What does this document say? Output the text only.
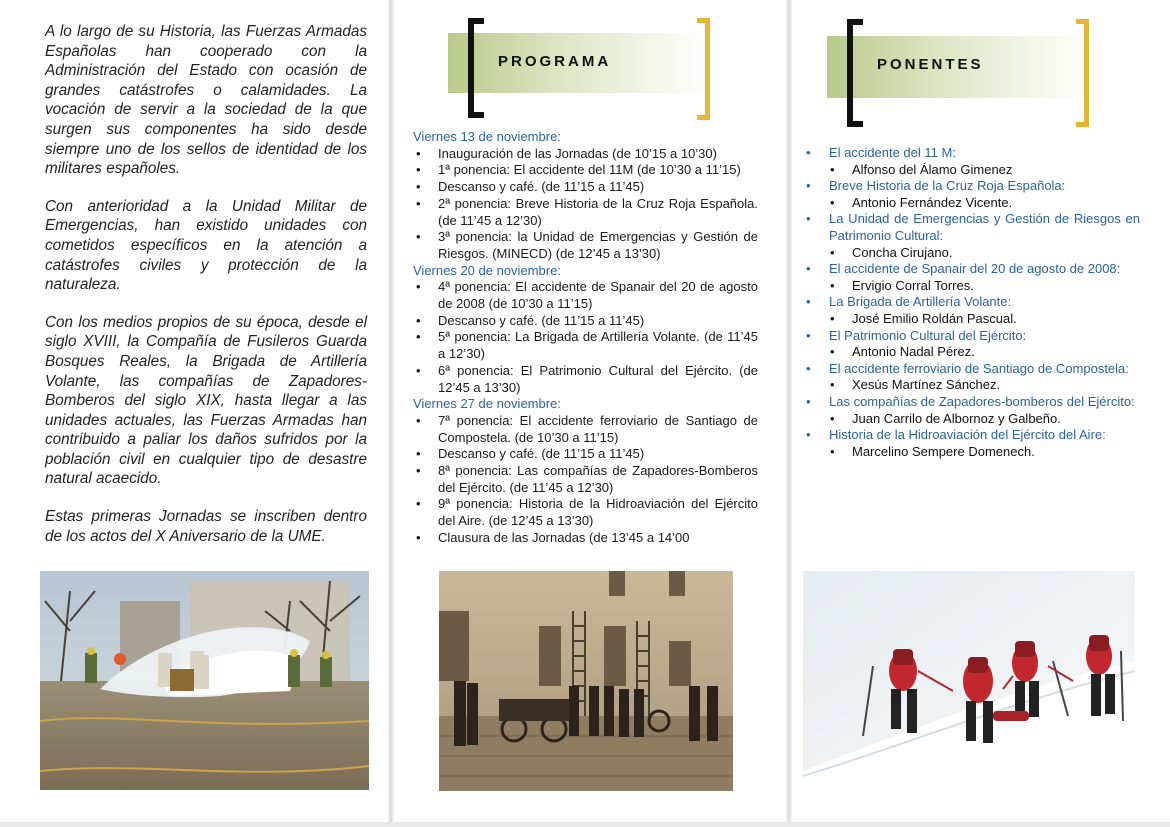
A lo largo de su Historia, las Fuerzas Armadas Españolas han cooperado con la Administración del Estado con ocasión de grandes catástrofes o calamidades. La vocación de servir a la sociedad de la que surgen sus componentes ha sido desde siempre uno de los sellos de identidad de los militares españoles.

Con anterioridad a la Unidad Militar de Emergencias, han existido unidades con cometidos específicos en la atención a catástrofes civiles y protección de la naturaleza.

Con los medios propios de su época, desde el siglo XVIII, la Compañía de Fusileros Guarda Bosques Reales, la Brigada de Artillería Volante, las compañías de Zapadores-Bomberos del siglo XIX, hasta llegar a las unidades actuales, las Fuerzas Armadas han contribuido a paliar los daños sufridos por la población civil en cualquier tipo de desastre natural acaecido.

Estas primeras Jornadas se inscriben dentro de los actos del X Aniversario de la UME.

PROGRAMA
Viernes 13 de noviembre:
• Inauguración de las Jornadas (de 10’15 a 10’30)
• 1ª ponencia: El accidente del 11M (de 10’30 a 11’15)
• Descanso y café. (de 11’15 a 11’45)
• 2ª ponencia: Breve Historia de la Cruz Roja Española. (de 11’45 a 12’30)
• 3ª ponencia: la Unidad de Emergencias y Gestión de Riesgos. (MINECD) (de 12’45 a 13’30)
Viernes 20 de noviembre:
• 4ª ponencia: El accidente de Spanair del 20 de agosto de 2008 (de 10’30 a 11’15)
• Descanso y café. (de 11’15 a 11’45)
• 5ª ponencia: La Brigada de Artillería Volante. (de 11’45 a 12’30)
• 6ª ponencia: El Patrimonio Cultural del Ejército. (de 12’45 a 13’30)
Viernes 27 de noviembre:
• 7ª ponencia: El accidente ferroviario de Santiago de Compostela. (de 10’30 a 11’15)
• Descanso y café. (de 11’15 a 11’45)
• 8ª ponencia: Las compañías de Zapadores-Bomberos del Ejército. (de 11’45 a 12’30)
• 9ª ponencia: Historia de la Hidroaviación del Ejército del Aire. (de 12’45 a 13’30)
• Clausura de las Jornadas (de 13’45 a 14’00
PONENTES
• El accidente del 11 M:
• Alfonso del Álamo Gimenez
• Breve Historia de la Cruz Roja Española:
• Antonio Fernández Vicente.
• La Unidad de Emergencias y Gestión de Riesgos en Patrimonio Cultural:
• Concha Cirujano.
• El accidente de Spanair del 20 de agosto de 2008:
• Ervigio Corral Torres.
• La Brigada de Artillería Volante:
• José Emilio Roldán Pascual.
• El Patrimonio Cultural del Ejército:
• Antonio Nadal Pérez.
• El accidente ferroviario de Santiago de Compostela:
• Xesús Martínez Sánchez.
• Las compañías de Zapadores-bomberos del Ejército:
• Juan Carrilo de Albornoz y Galbeño.
• Historia de la Hidroaviación del Ejército del Aire:
• Marcelino Sempere Domenech.
